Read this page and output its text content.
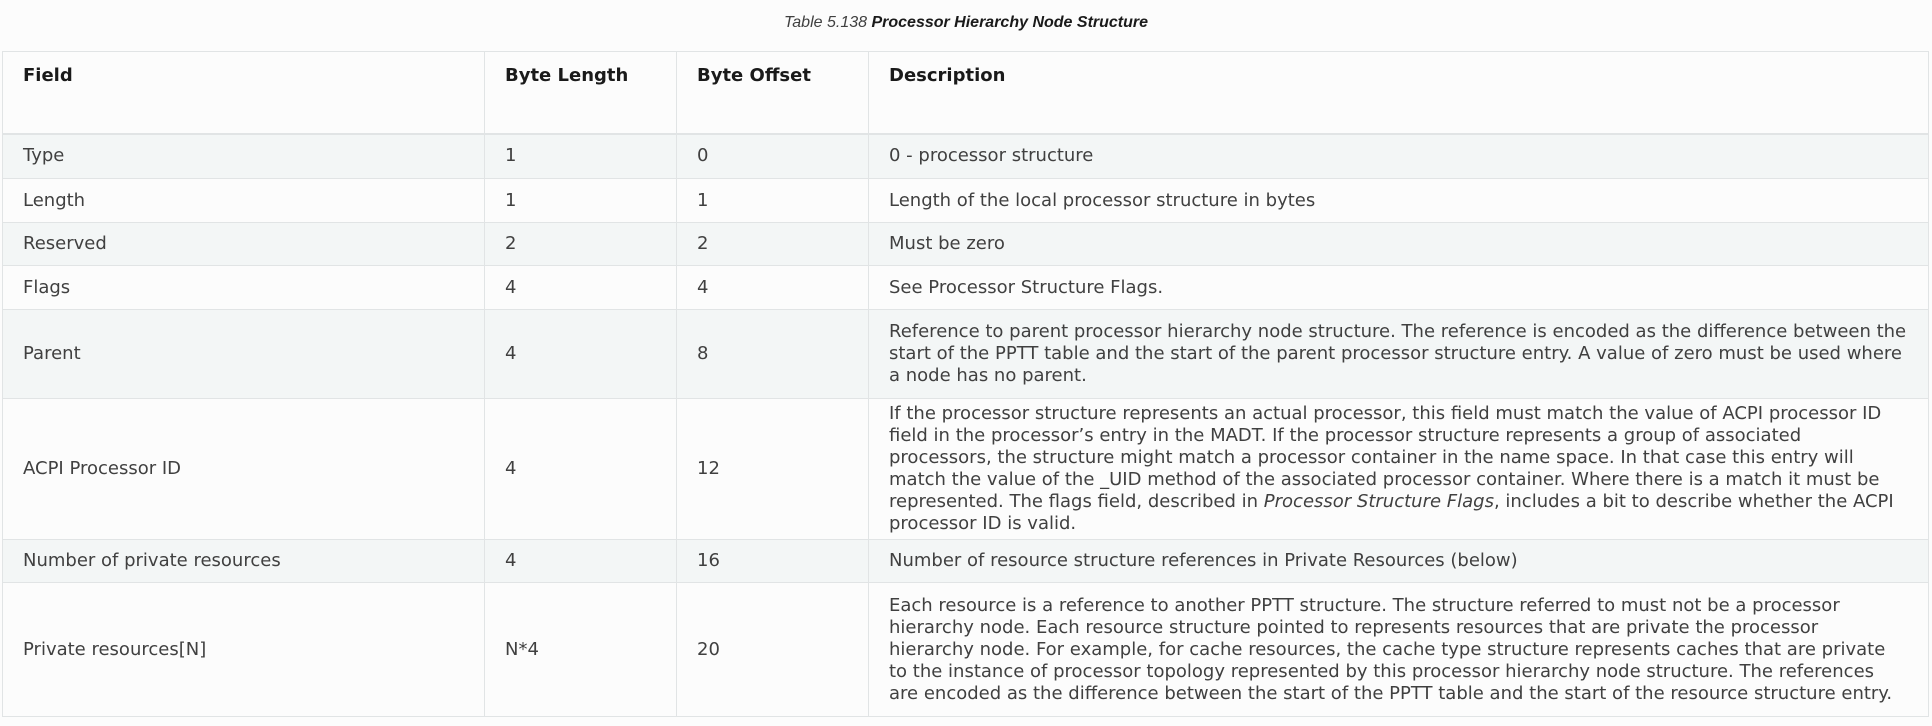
Table 5.138 Processor Hierarchy Node Structure
Field	Byte Length	Byte Offset	Description
Type	1	0	0 - processor structure
Length	1	1	Length of the local processor structure in bytes
Reserved	2	2	Must be zero
Flags	4	4	See Processor Structure Flags.
Parent	4	8	Reference to parent processor hierarchy node structure. The reference is encoded as the difference between the start of the PPTT table and the start of the parent processor structure entry. A value of zero must be used where a node has no parent.
ACPI Processor ID	4	12	If the processor structure represents an actual processor, this field must match the value of ACPI processor ID field in the processor’s entry in the MADT. If the processor structure represents a group of associated processors, the structure might match a processor container in the name space. In that case this entry will match the value of the _UID method of the associated processor container. Where there is a match it must be represented. The flags field, described in Processor Structure Flags, includes a bit to describe whether the ACPI processor ID is valid.
Number of private resources	4	16	Number of resource structure references in Private Resources (below)
Private resources[N]	N*4	20	Each resource is a reference to another PPTT structure. The structure referred to must not be a processor hierarchy node. Each resource structure pointed to represents resources that are private the processor hierarchy node. For example, for cache resources, the cache type structure represents caches that are private to the instance of processor topology represented by this processor hierarchy node structure. The references are encoded as the difference between the start of the PPTT table and the start of the resource structure entry.
